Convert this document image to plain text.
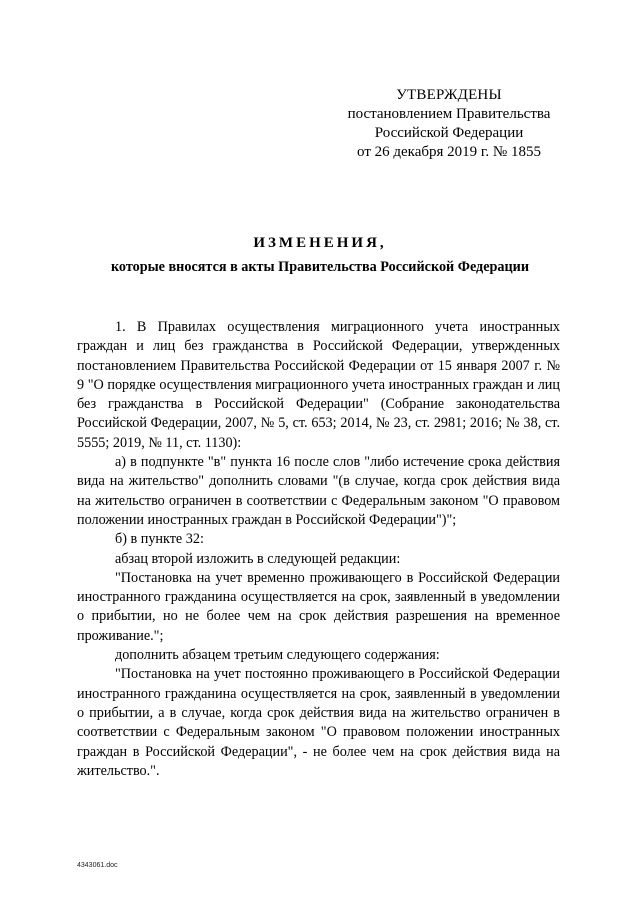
УТВЕРЖДЕНЫ
постановлением Правительства
Российской Федерации
от 26 декабря 2019 г. № 1855
ИЗМЕНЕНИЯ,
которые вносятся в акты Правительства Российской Федерации

1. В Правилах осуществления миграционного учета иностранных граждан и лиц без гражданства в Российской Федерации, утвержденных постановлением Правительства Российской Федерации от 15 января 2007 г. № 9 "О порядке осуществления миграционного учета иностранных граждан и лиц без гражданства в Российской Федерации" (Собрание законодательства Российской Федерации, 2007, № 5, ст. 653; 2014, № 23, ст. 2981; 2016; № 38, ст. 5555; 2019, № 11, ст. 1130):

а) в подпункте "в" пункта 16 после слов "либо истечение срока действия вида на жительство" дополнить словами "(в случае, когда срок действия вида на жительство ограничен в соответствии с Федеральным законом "О правовом положении иностранных граждан в Российской Федерации")";

б) в пункте 32:

абзац второй изложить в следующей редакции:

"Постановка на учет временно проживающего в Российской Федерации иностранного гражданина осуществляется на срок, заявленный в уведомлении о прибытии, но не более чем на срок действия разрешения на временное проживание.";

дополнить абзацем третьим следующего содержания:

"Постановка на учет постоянно проживающего в Российской Федерации иностранного гражданина осуществляется на срок, заявленный в уведомлении о прибытии, а в случае, когда срок действия вида на жительство ограничен в соответствии с Федеральным законом "О правовом положении иностранных граждан в Российской Федерации", - не более чем на срок действия вида на жительство.".

4343061.doc
